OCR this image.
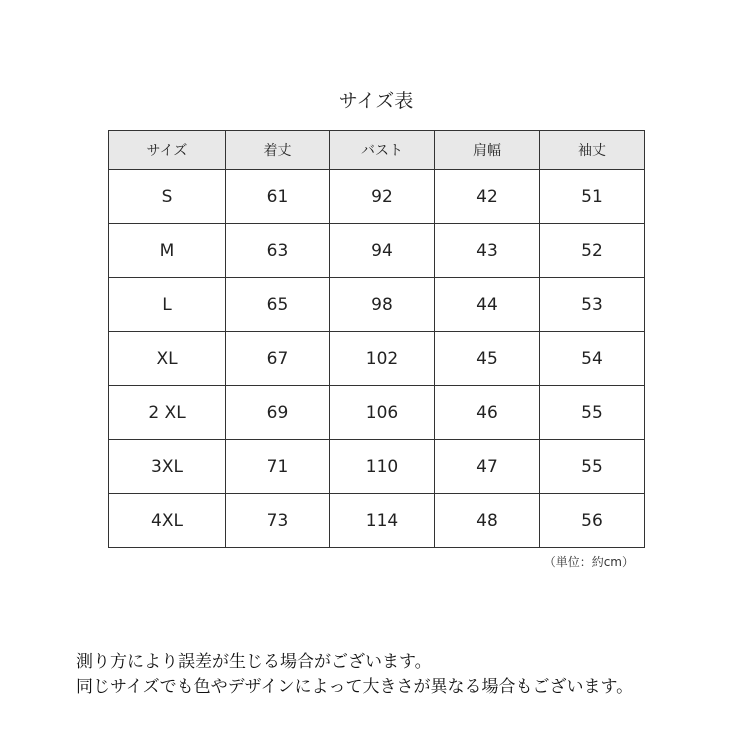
サイズ表
サイズ	着丈	バスト	肩幅	袖丈
S	61	92	42	51
M	63	94	43	52
L	65	98	44	53
XL	67	102	45	54
2 XL	69	106	46	55
3XL	71	110	47	55
4XL	73	114	48	56
（単位：約cm）

測り方により誤差が生じる場合がございます。

同じサイズでも色やデザインによって大きさが異なる場合もございます。
